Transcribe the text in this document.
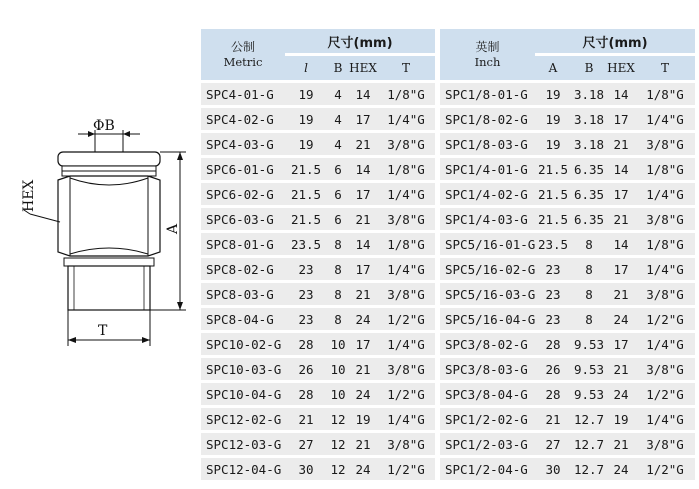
ΦB
A
HEX
T
公制
Metric	尺寸(mm)			
	l	B	HEX	T
SPC4-01-G	19	4	14	1/8"G
SPC4-02-G	19	4	17	1/4"G
SPC4-03-G	19	4	21	3/8"G
SPC6-01-G	21.5	6	14	1/8"G
SPC6-02-G	21.5	6	17	1/4"G
SPC6-03-G	21.5	6	21	3/8"G
SPC8-01-G	23.5	8	14	1/8"G
SPC8-02-G	23	8	17	1/4"G
SPC8-03-G	23	8	21	3/8"G
SPC8-04-G	23	8	24	1/2"G
SPC10-02-G	28	10	17	1/4"G
SPC10-03-G	26	10	21	3/8"G
SPC10-04-G	28	10	24	1/2"G
SPC12-02-G	21	12	19	1/4"G
SPC12-03-G	27	12	21	3/8"G
SPC12-04-G	30	12	24	1/2"G
英制
Inch	尺寸(mm)			
	A	B	HEX	T
SPC1/8-01-G	19	3.18	14	1/8"G
SPC1/8-02-G	19	3.18	17	1/4"G
SPC1/8-03-G	19	3.18	21	3/8"G
SPC1/4-01-G	21.5	6.35	14	1/8"G
SPC1/4-02-G	21.5	6.35	17	1/4"G
SPC1/4-03-G	21.5	6.35	21	3/8"G
SPC5/16-01-G	23.5	8	14	1/8"G
SPC5/16-02-G	23	8	17	1/4"G
SPC5/16-03-G	23	8	21	3/8"G
SPC5/16-04-G	23	8	24	1/2"G
SPC3/8-02-G	28	9.53	17	1/4"G
SPC3/8-03-G	26	9.53	21	3/8"G
SPC3/8-04-G	28	9.53	24	1/2"G
SPC1/2-02-G	21	12.7	19	1/4"G
SPC1/2-03-G	27	12.7	21	3/8"G
SPC1/2-04-G	30	12.7	24	1/2"G
